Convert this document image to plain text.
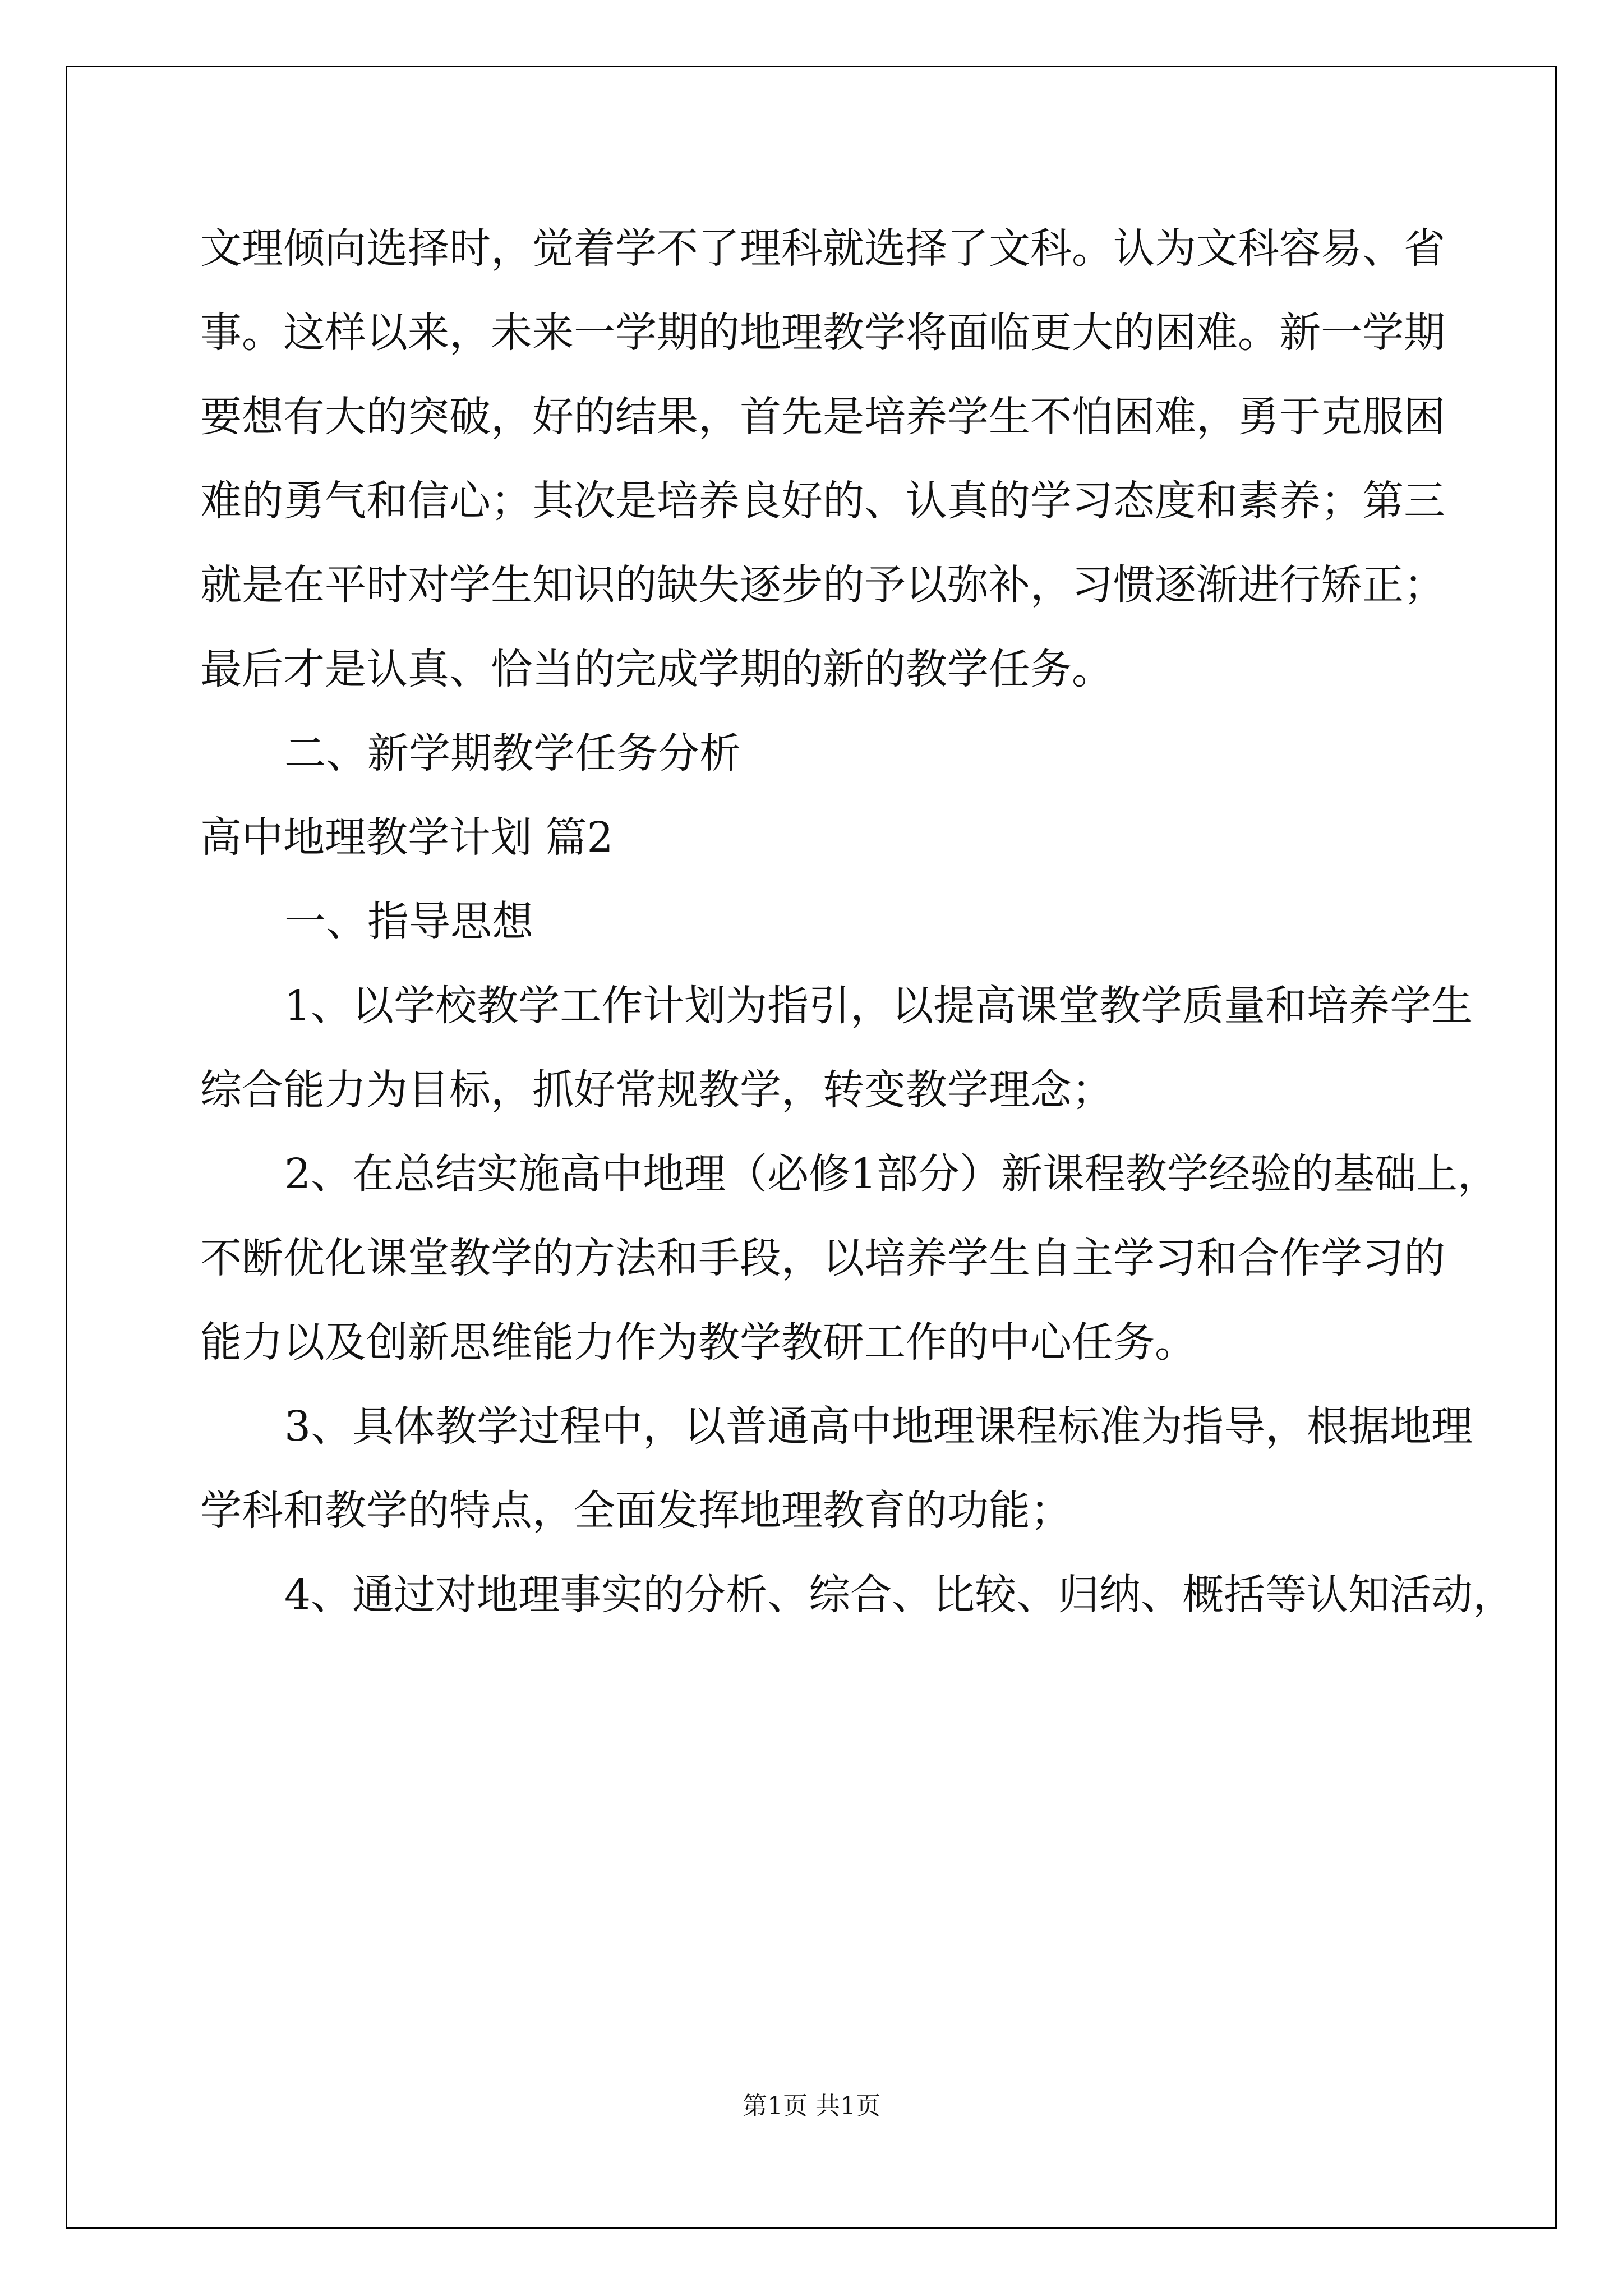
文理倾向选择时，觉着学不了理科就选择了文科。认为文科容易、省

事。这样以来，未来一学期的地理教学将面临更大的困难。新一学期

要想有大的突破，好的结果，首先是培养学生不怕困难，勇于克服困

难的勇气和信心；其次是培养良好的、认真的学习态度和素养；第三

就是在平时对学生知识的缺失逐步的予以弥补，习惯逐渐进行矫正；

最后才是认真、恰当的完成学期的新的教学任务。

二、新学期教学任务分析

高中地理教学计划 篇2

一、指导思想

1、以学校教学工作计划为指引，以提高课堂教学质量和培养学生

综合能力为目标，抓好常规教学，转变教学理念；

2、在总结实施高中地理（必修1部分）新课程教学经验的基础上，

不断优化课堂教学的方法和手段，以培养学生自主学习和合作学习的

能力以及创新思维能力作为教学教研工作的中心任务。

3、具体教学过程中，以普通高中地理课程标准为指导，根据地理

学科和教学的特点，全面发挥地理教育的功能；

4、通过对地理事实的分析、综合、比较、归纳、概括等认知活动，

第1页 共1页
